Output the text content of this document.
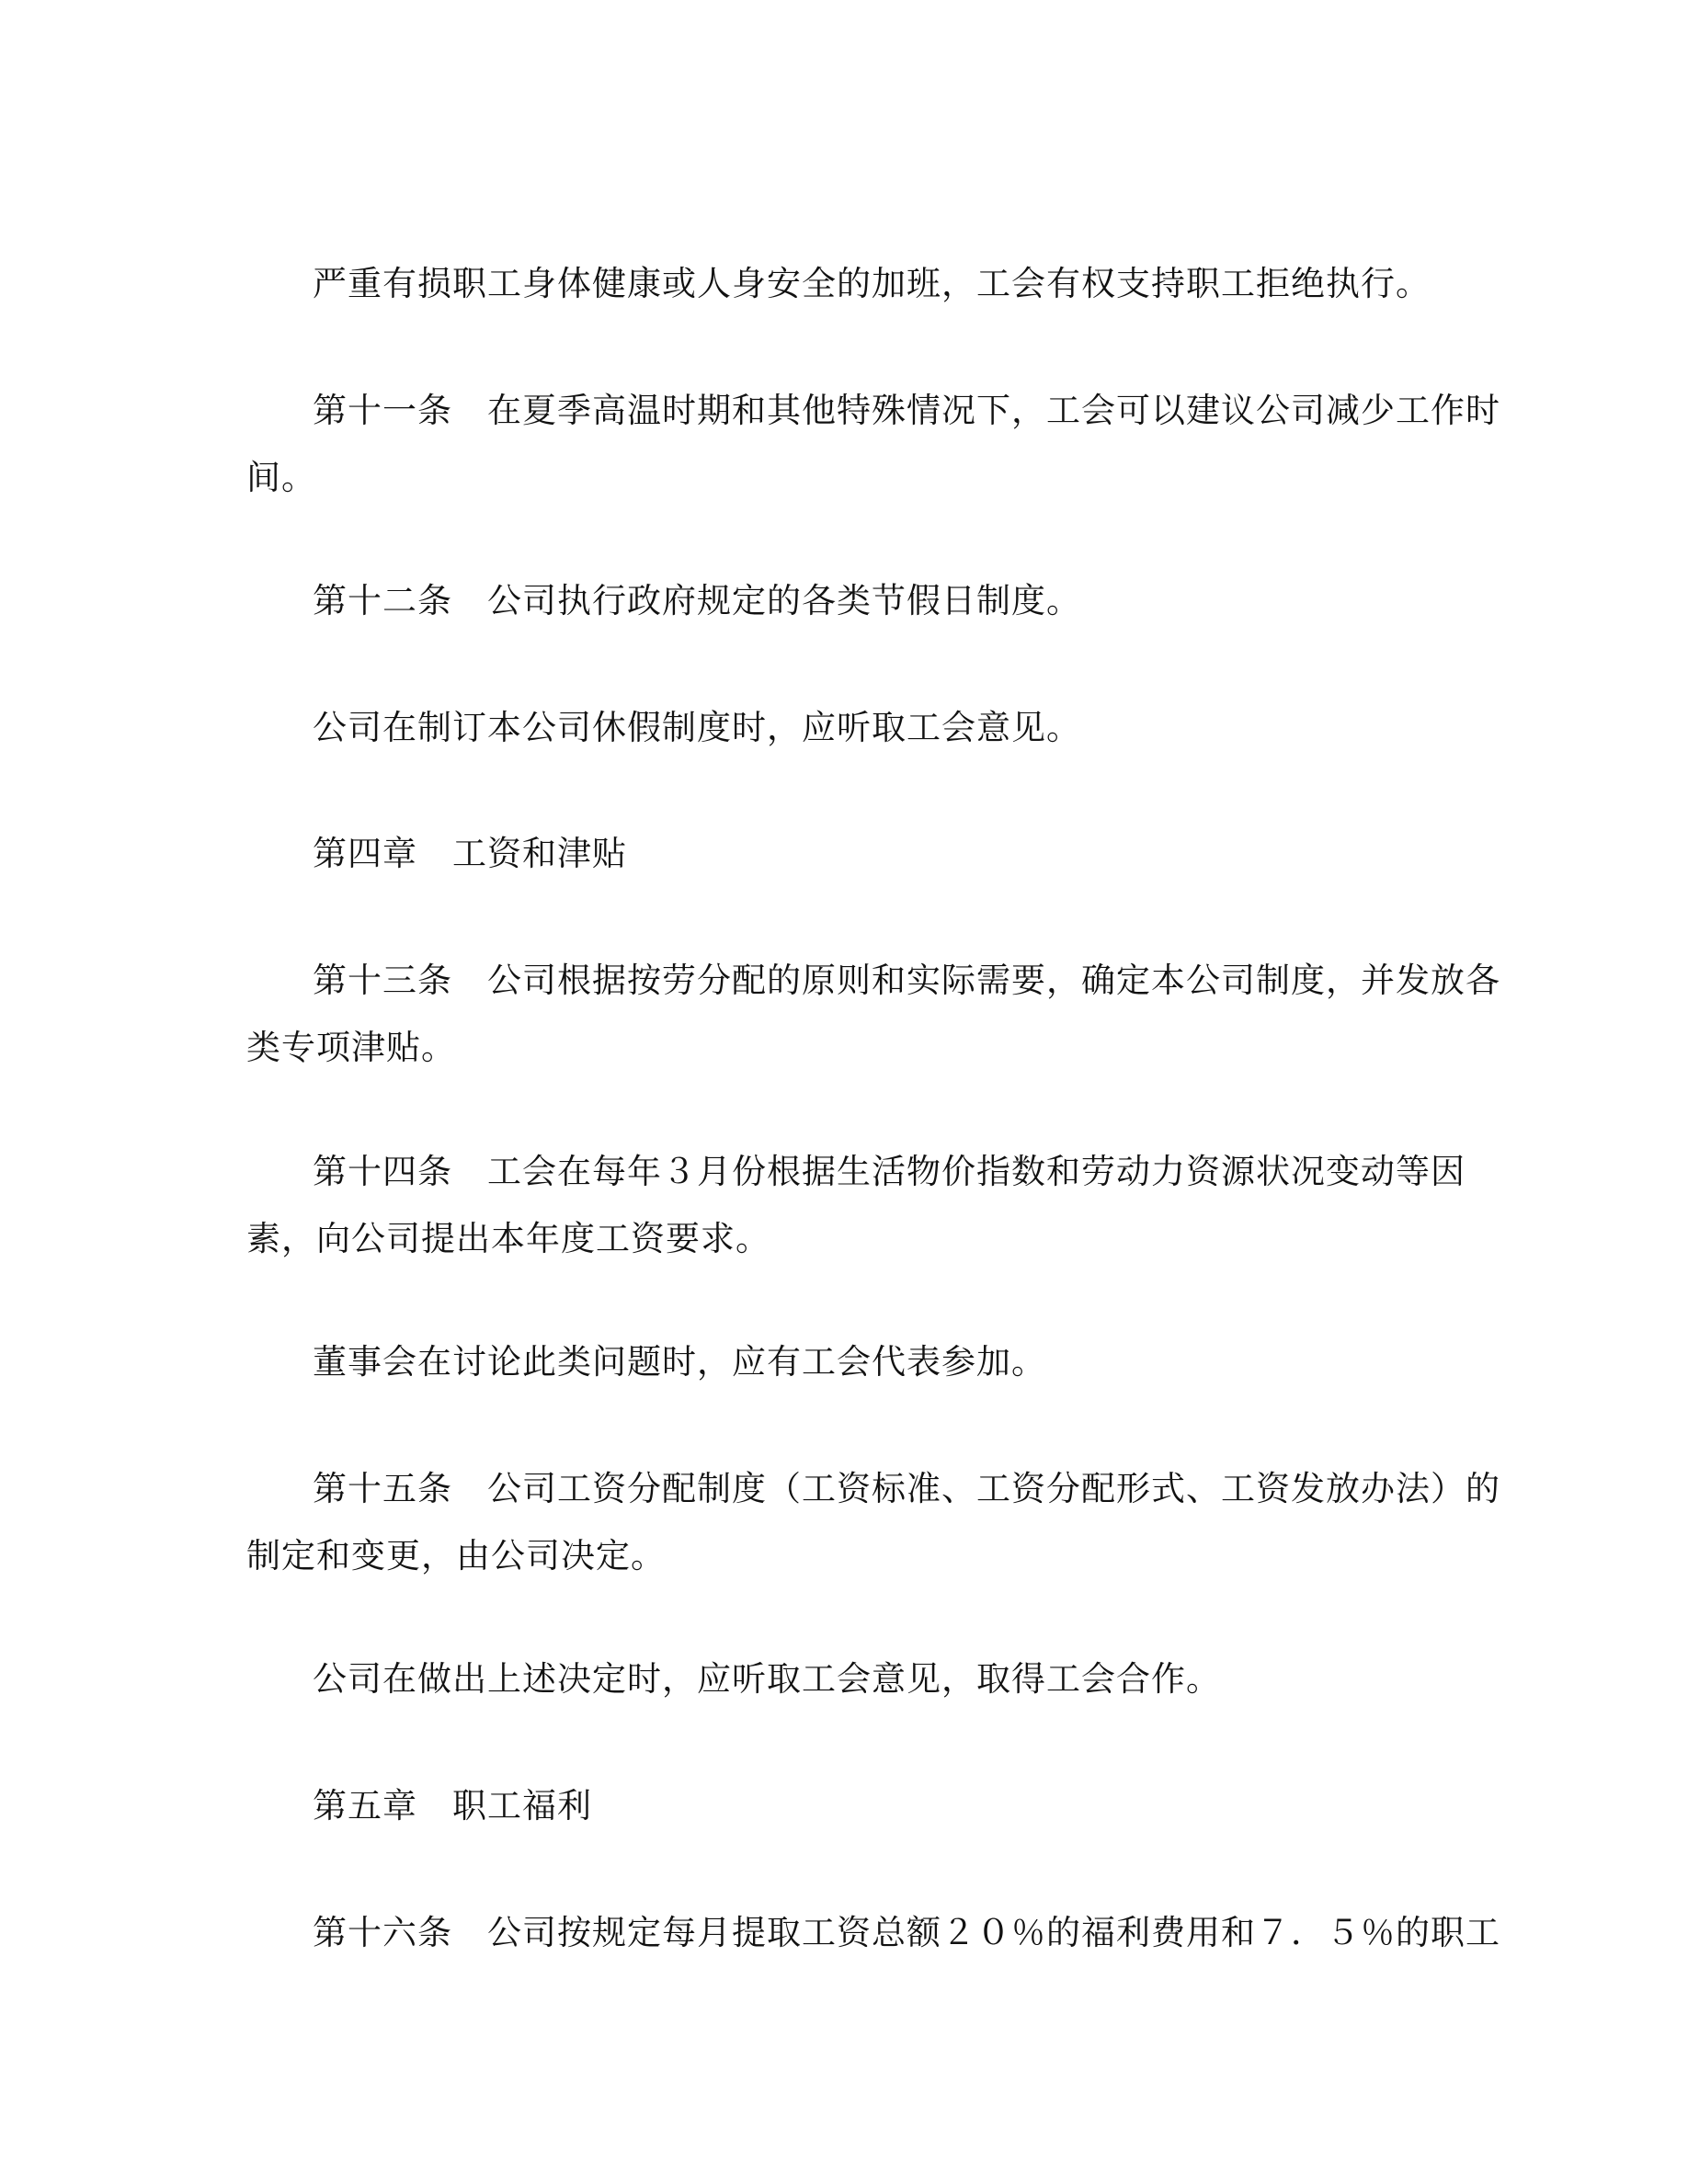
严重有损职工身体健康或人身安全的加班，工会有权支持职工拒绝执行。

第十一条　在夏季高温时期和其他特殊情况下，工会可以建议公司减少工作时

间。

第十二条　公司执行政府规定的各类节假日制度。

公司在制订本公司休假制度时，应听取工会意见。

第四章　工资和津贴

第十三条　公司根据按劳分配的原则和实际需要，确定本公司制度，并发放各

类专项津贴。

第十四条　工会在每年３月份根据生活物价指数和劳动力资源状况变动等因

素，向公司提出本年度工资要求。

董事会在讨论此类问题时，应有工会代表参加。

第十五条　公司工资分配制度（工资标准、工资分配形式、工资发放办法）的

制定和变更，由公司决定。

公司在做出上述决定时，应听取工会意见，取得工会合作。

第五章　职工福利

第十六条　公司按规定每月提取工资总额２０％的福利费用和７．５％的职工
